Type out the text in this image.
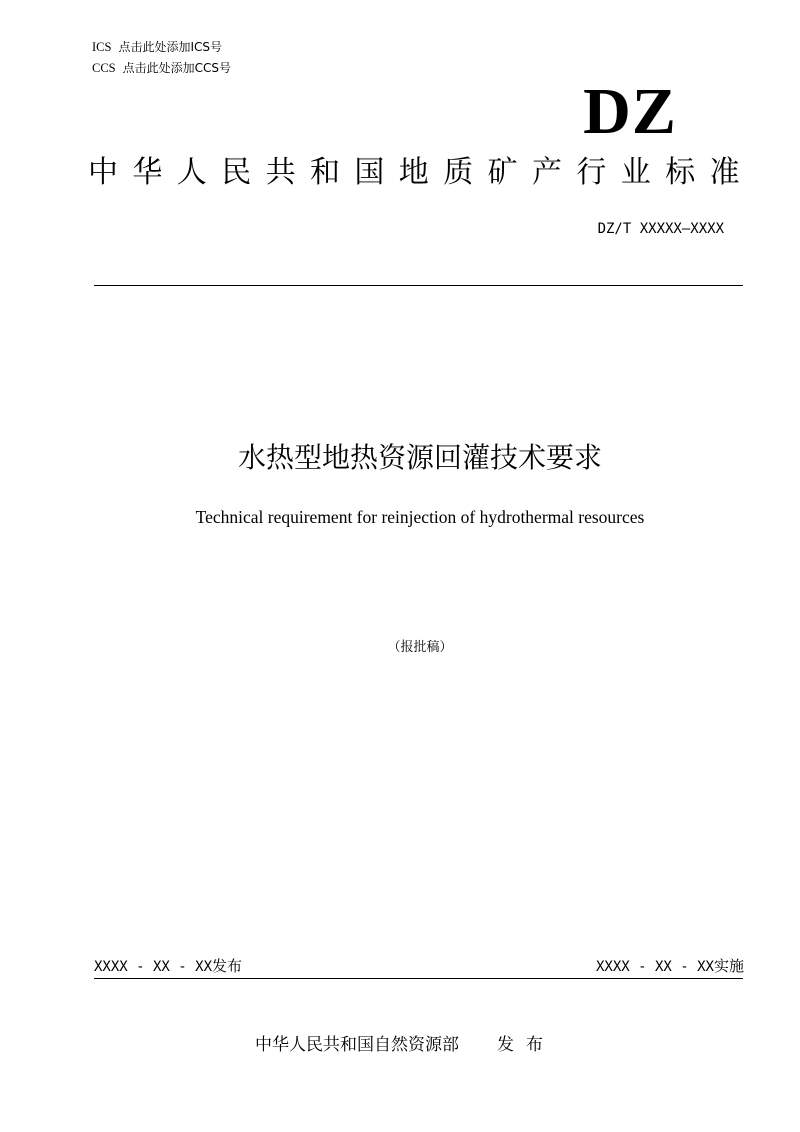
ICS 点击此处添加ICS号
CCS 点击此处添加CCS号
DZ
中华人民共和国地质矿产行业标准
DZ/T XXXXX—XXXX
水热型地热资源回灌技术要求
Technical requirement for reinjection of hydrothermal resources
（报批稿）
XXXX - XX - XX发布	XXXX - XX - XX实施
中华人民共和国自然资源部 发布
